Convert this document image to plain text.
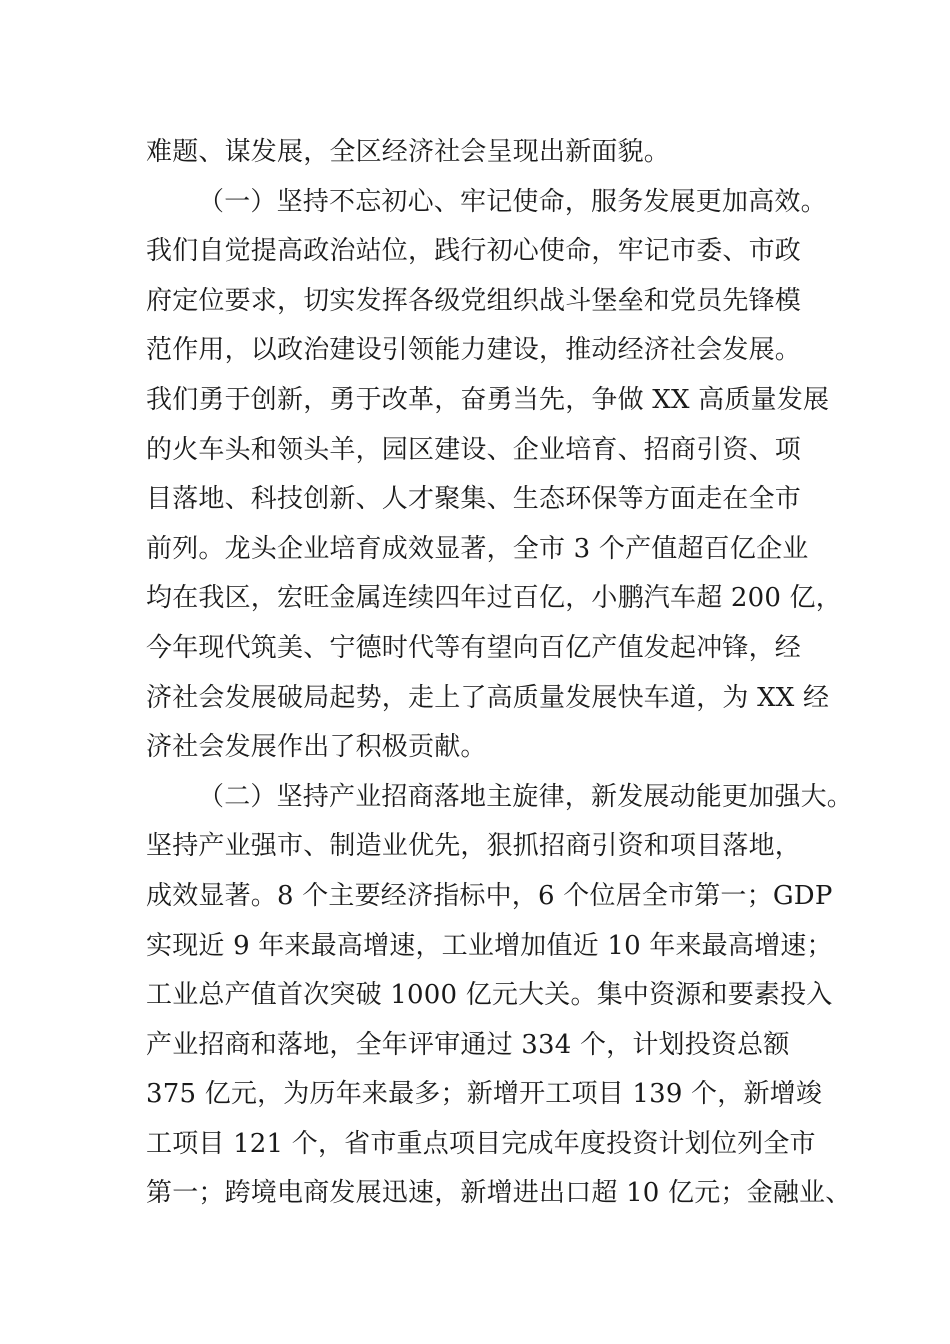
难题、谋发展，全区经济社会呈现出新面貌。
（一）坚持不忘初心、牢记使命，服务发展更加高效。
我们自觉提高政治站位，践行初心使命，牢记市委、市政
府定位要求，切实发挥各级党组织战斗堡垒和党员先锋模
范作用，以政治建设引领能力建设，推动经济社会发展。
我们勇于创新，勇于改革，奋勇当先，争做 XX 高质量发展
的火车头和领头羊，园区建设、企业培育、招商引资、项
目落地、科技创新、人才聚集、生态环保等方面走在全市
前列。龙头企业培育成效显著，全市 3 个产值超百亿企业
均在我区，宏旺金属连续四年过百亿，小鹏汽车超 200 亿，
今年现代筑美、宁德时代等有望向百亿产值发起冲锋，经
济社会发展破局起势，走上了高质量发展快车道，为 XX 经
济社会发展作出了积极贡献。
（二）坚持产业招商落地主旋律，新发展动能更加强大。
坚持产业强市、制造业优先，狠抓招商引资和项目落地，
成效显著。8 个主要经济指标中，6 个位居全市第一；GDP
实现近 9 年来最高增速，工业增加值近 10 年来最高增速；
工业总产值首次突破 1000 亿元大关。集中资源和要素投入
产业招商和落地，全年评审通过 334 个，计划投资总额
375 亿元，为历年来最多；新增开工项目 139 个，新增竣
工项目 121 个，省市重点项目完成年度投资计划位列全市
第一；跨境电商发展迅速，新增进出口超 10 亿元；金融业、
